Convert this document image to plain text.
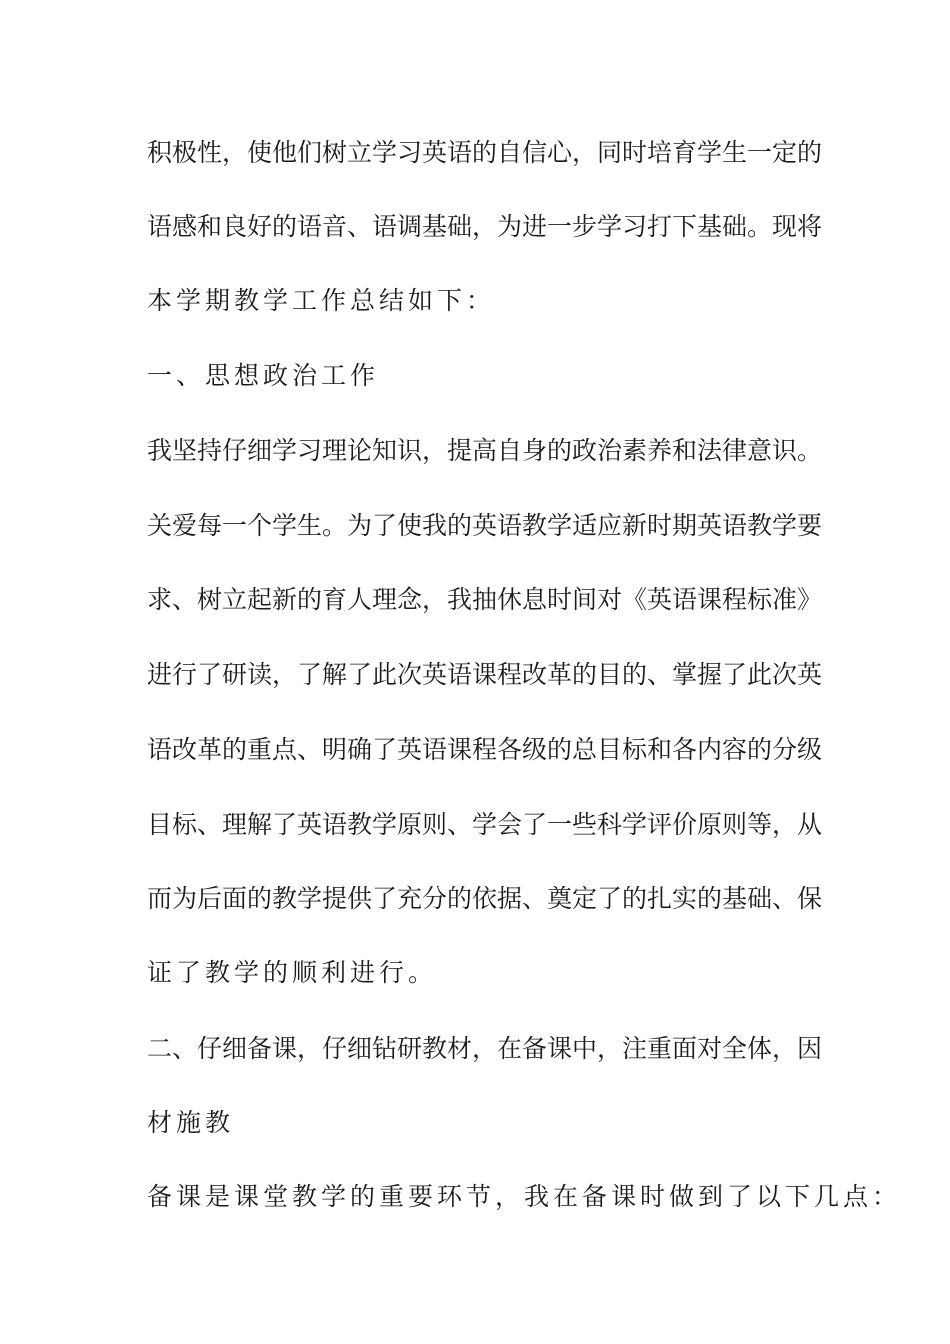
积极性，使他们树立学习英语的自信心，同时培育学生一定的
语感和良好的语音、语调基础，为进一步学习打下基础。现将
本学期教学工作总结如下：
一、思想政治工作
我坚持仔细学习理论知识，提高自身的政治素养和法律意识。
关爱每一个学生。为了使我的英语教学适应新时期英语教学要
求、树立起新的育人理念，我抽休息时间对《英语课程标准》
进行了研读，了解了此次英语课程改革的目的、掌握了此次英
语改革的重点、明确了英语课程各级的总目标和各内容的分级
目标、理解了英语教学原则、学会了一些科学评价原则等，从
而为后面的教学提供了充分的依据、奠定了的扎实的基础、保
证了教学的顺利进行。
二、仔细备课，仔细钻研教材，在备课中，注重面对全体，因
材施教
备课是课堂教学的重要环节，我在备课时做到了以下几点：
